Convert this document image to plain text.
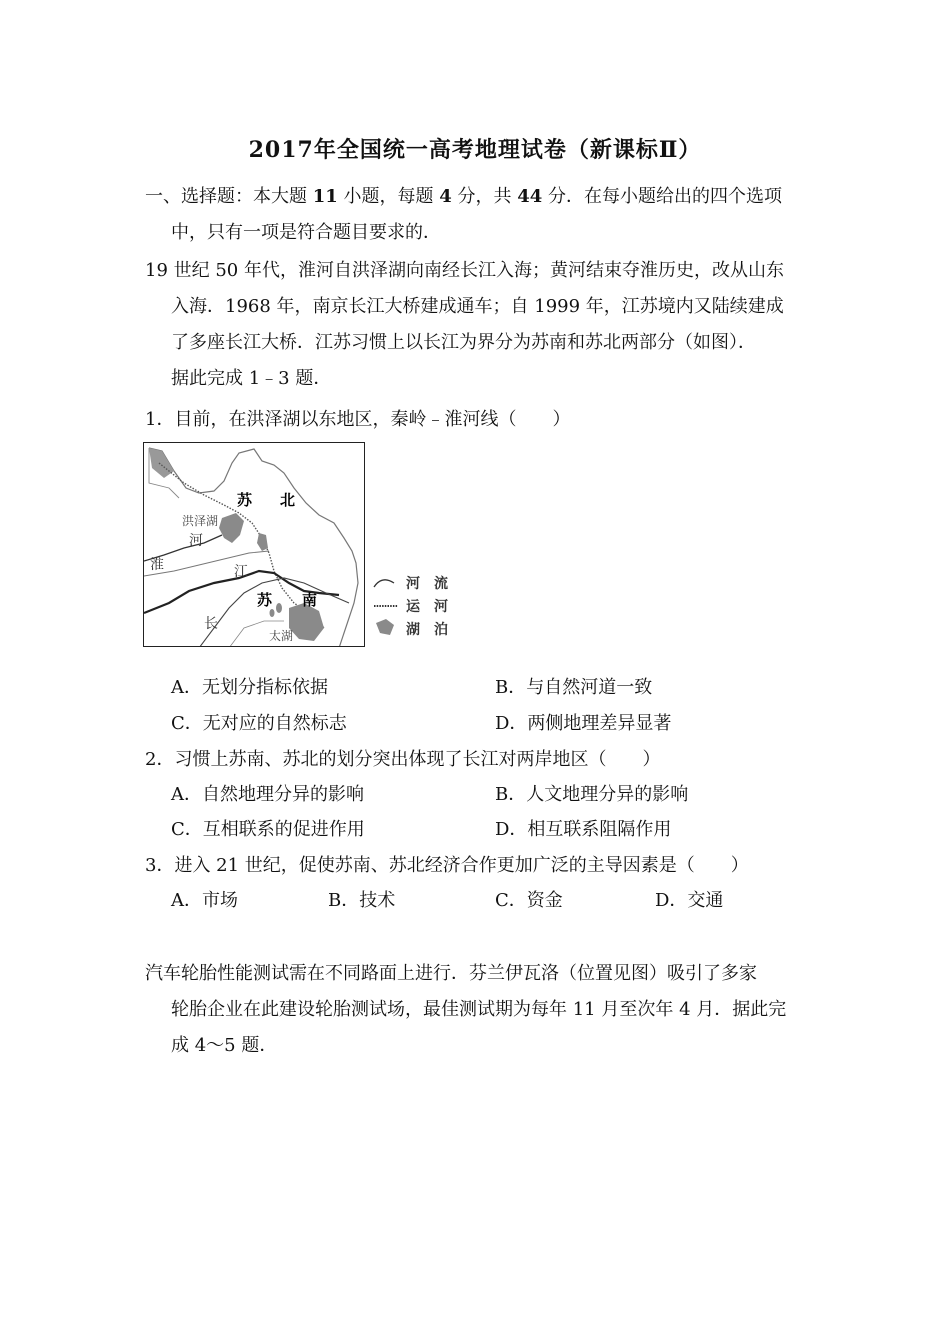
2017年全国统一高考地理试卷（新课标Ⅱ）
一、选择题：本大题 11 小题，每题 4 分，共 44 分．在每小题给出的四个选项
中，只有一项是符合题目要求的．
19 世纪 50 年代，淮河自洪泽湖向南经长江入海；黄河结束夺淮历史，改从山东
入海．1968 年，南京长江大桥建成通车；自 1999 年，江苏境内又陆续建成
了多座长江大桥．江苏习惯上以长江为界分为苏南和苏北两部分（如图）．
据此完成 1﹣3 题．
1．目前，在洪泽湖以东地区，秦岭﹣淮河线（　　）
苏 北
洪泽湖
河
淮	江
苏 南
长
太湖
河　流
运　河
湖　泊
A．无划分指标依据	B．与自然河道一致
C．无对应的自然标志	D．两侧地理差异显著
2．习惯上苏南、苏北的划分突出体现了长江对两岸地区（　　）
A．自然地理分异的影响	B．人文地理分异的影响
C．互相联系的促进作用	D．相互联系阻隔作用
3．进入 21 世纪，促使苏南、苏北经济合作更加广泛的主导因素是（　　）
A．市场	B．技术	C．资金	D．交通
汽车轮胎性能测试需在不同路面上进行．芬兰伊瓦洛（位置见图）吸引了多家
轮胎企业在此建设轮胎测试场，最佳测试期为每年 11 月至次年 4 月．据此完
成 4～5 题．
